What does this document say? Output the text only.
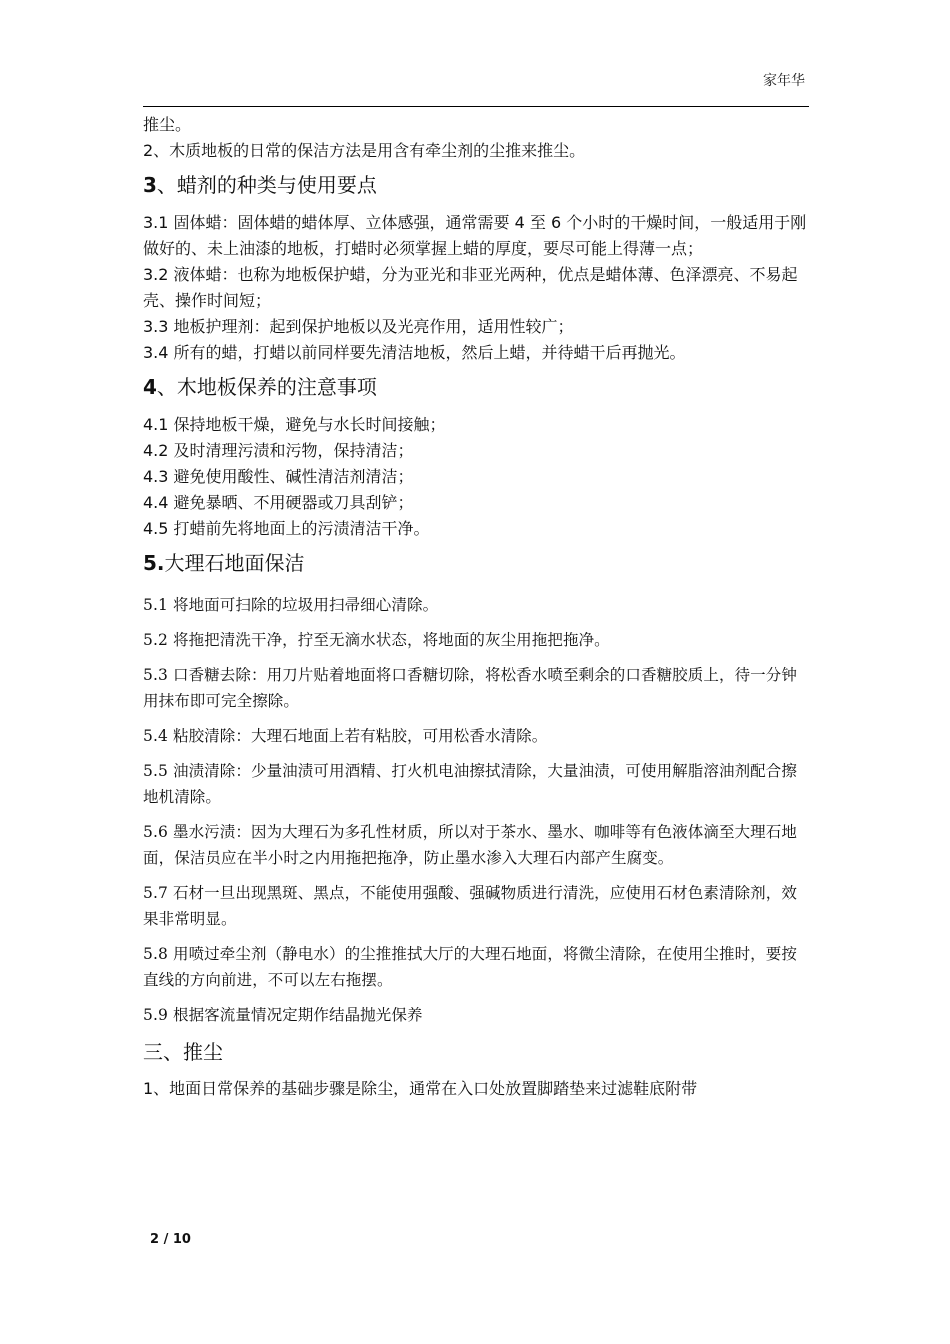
家年华

推尘。

2、木质地板的日常的保洁方法是用含有牵尘剂的尘推来推尘。

3、蜡剂的种类与使用要点

3.1 固体蜡：固体蜡的蜡体厚、立体感强，通常需要 4 至 6 个小时的干燥时间，一般适用于刚做好的、未上油漆的地板，打蜡时必须掌握上蜡的厚度，要尽可能上得薄一点；

3.2 液体蜡：也称为地板保护蜡，分为亚光和非亚光两种，优点是蜡体薄、色泽漂亮、不易起壳、操作时间短；

3.3 地板护理剂：起到保护地板以及光亮作用，适用性较广；

3.4 所有的蜡，打蜡以前同样要先清洁地板，然后上蜡，并待蜡干后再抛光。

4、木地板保养的注意事项

4.1 保持地板干燥，避免与水长时间接触；

4.2 及时清理污渍和污物，保持清洁；

4.3 避免使用酸性、碱性清洁剂清洁；

4.4 避免暴晒、不用硬器或刀具刮铲；

4.5 打蜡前先将地面上的污渍清洁干净。

5.大理石地面保洁

5.1 将地面可扫除的垃圾用扫帚细心清除。

5.2 将拖把清洗干净，拧至无滴水状态，将地面的灰尘用拖把拖净。

5.3 口香糖去除：用刀片贴着地面将口香糖切除，将松香水喷至剩余的口香糖胶质上，待一分钟用抹布即可完全擦除。

5.4 粘胶清除：大理石地面上若有粘胶，可用松香水清除。

5.5 油渍清除：少量油渍可用酒精、打火机电油擦拭清除，大量油渍，可使用解脂溶油剂配合擦地机清除。

5.6 墨水污渍：因为大理石为多孔性材质，所以对于茶水、墨水、咖啡等有色液体滴至大理石地面，保洁员应在半小时之内用拖把拖净，防止墨水渗入大理石内部产生腐变。

5.7 石材一旦出现黑斑、黑点，不能使用强酸、强碱物质进行清洗，应使用石材色素清除剂，效果非常明显。

5.8 用喷过牵尘剂（静电水）的尘推推拭大厅的大理石地面，将微尘清除，在使用尘推时，要按直线的方向前进，不可以左右拖摆。

5.9 根据客流量情况定期作结晶抛光保养

三、推尘

1、地面日常保养的基础步骤是除尘，通常在入口处放置脚踏垫来过滤鞋底附带

2 / 10
